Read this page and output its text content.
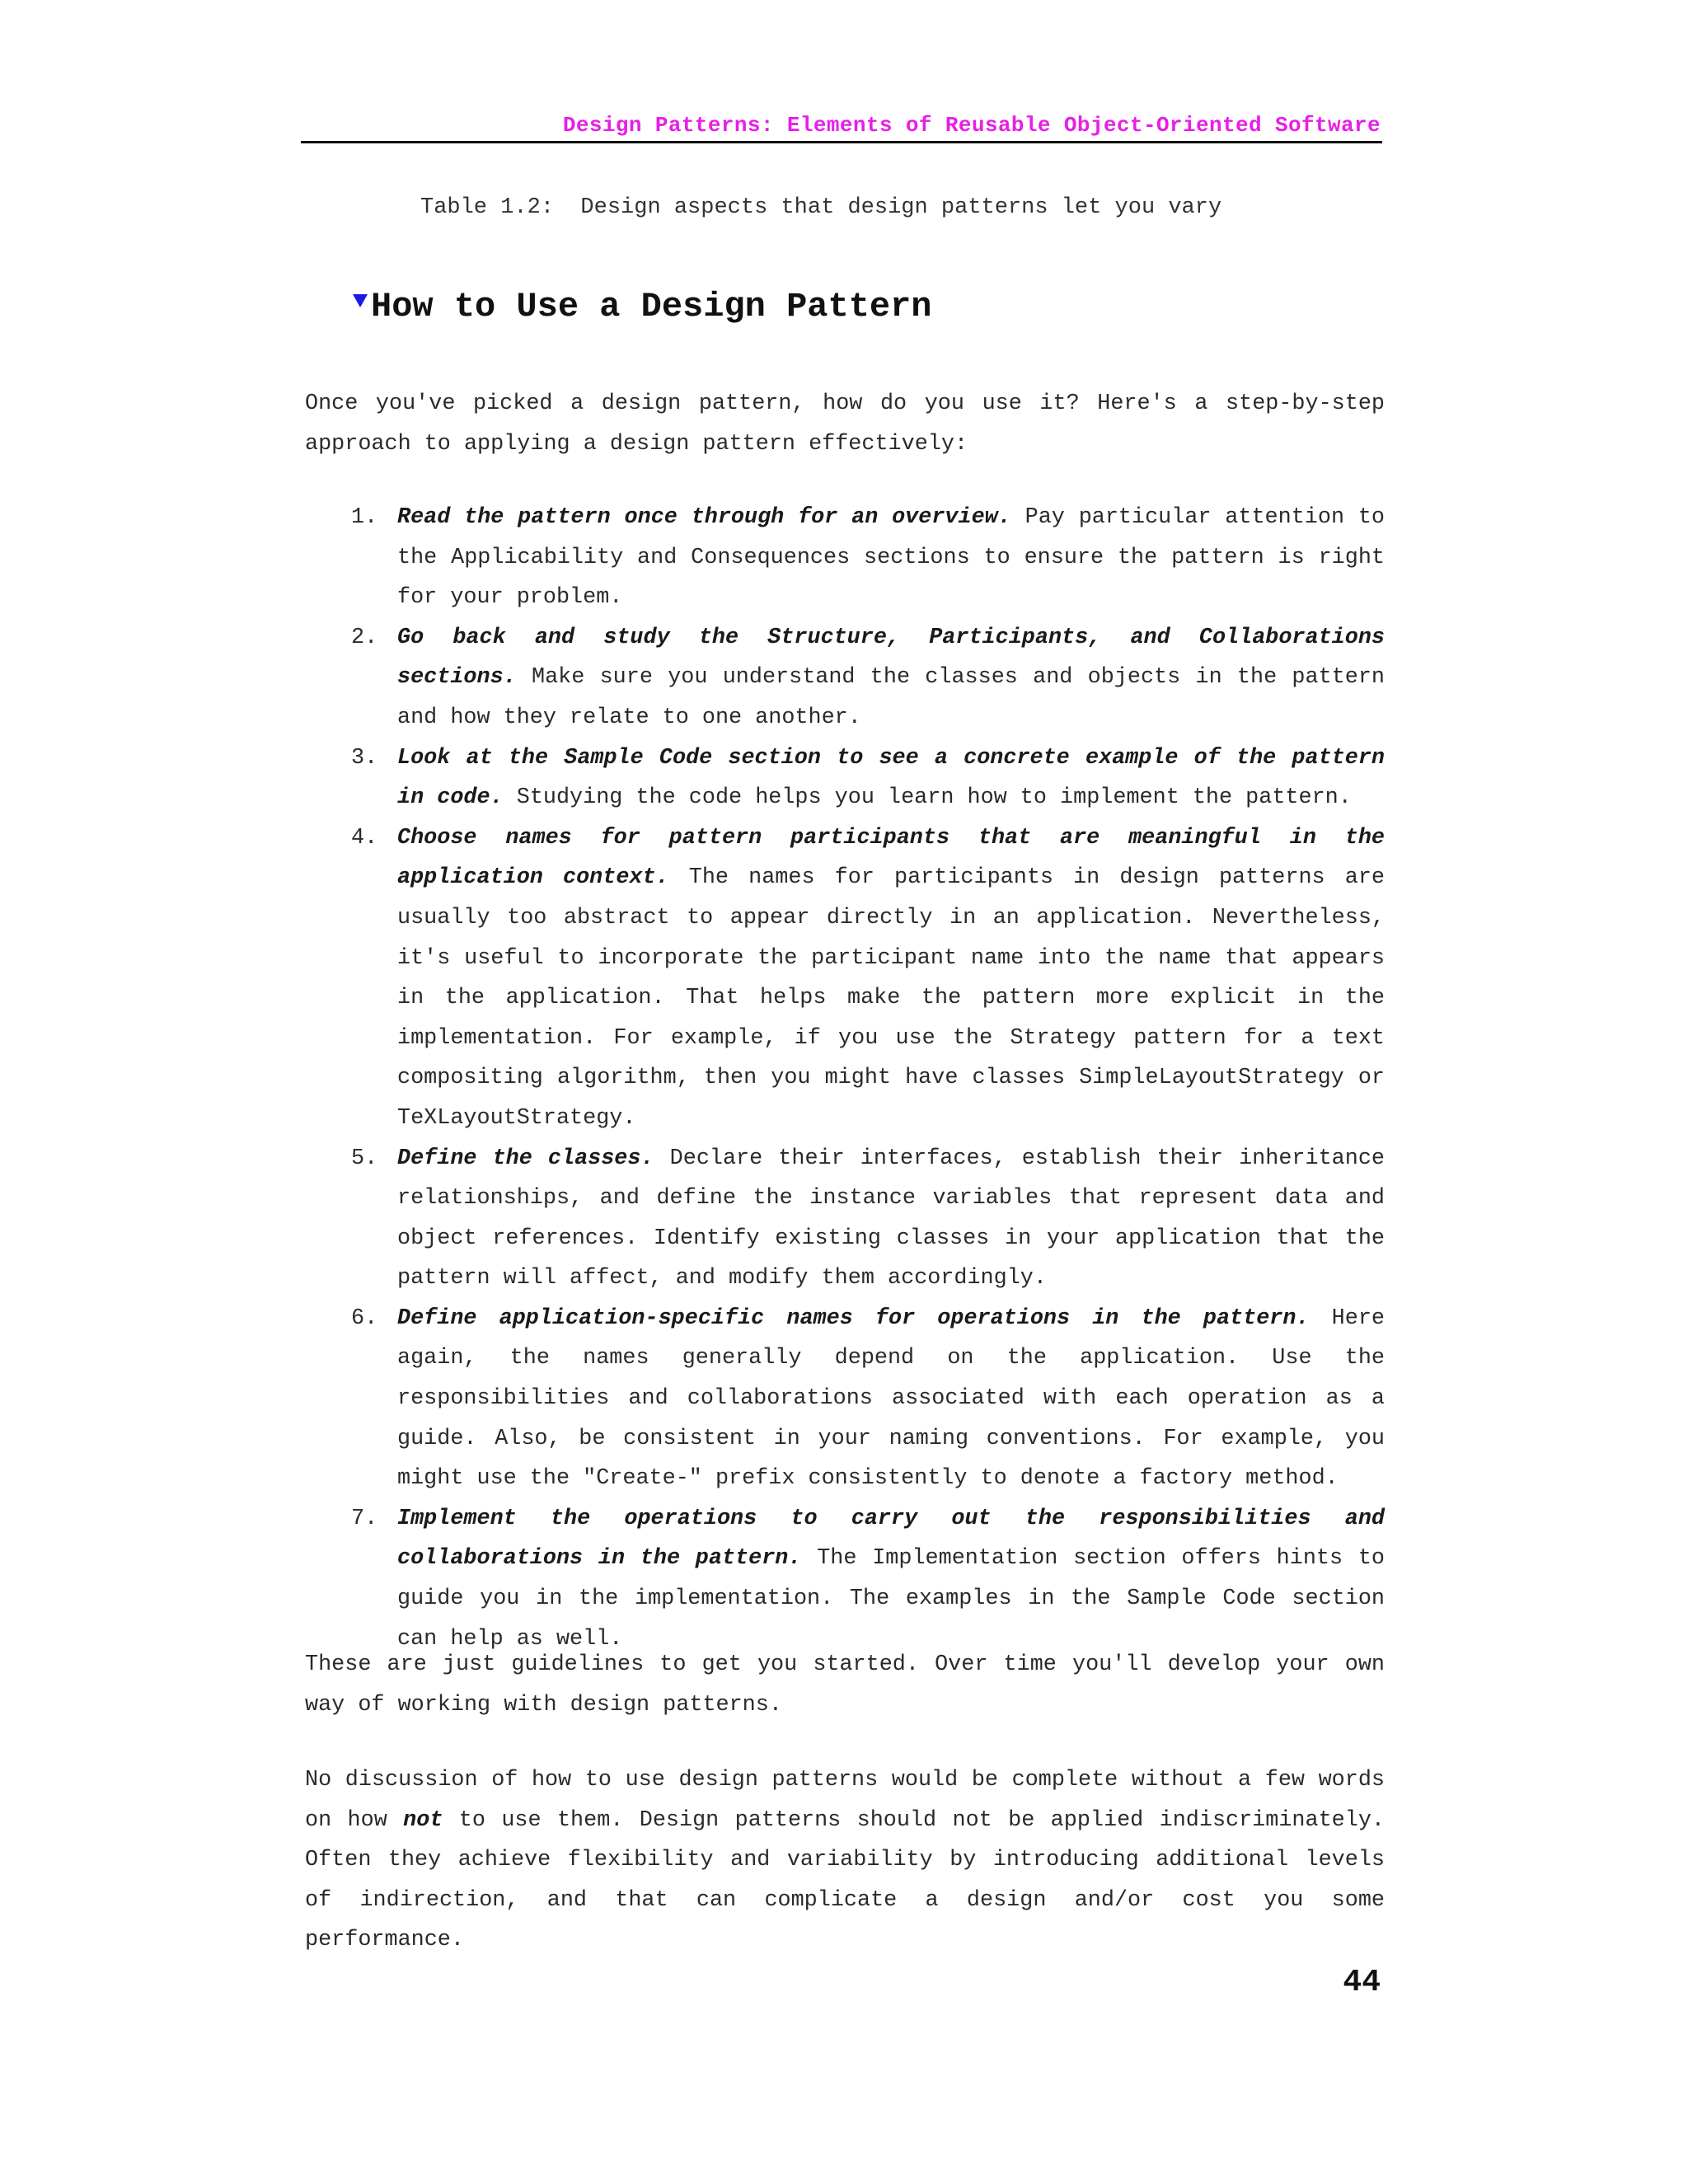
Design Patterns: Elements of Reusable Object-Oriented Software
Table 1.2:  Design aspects that design patterns let you vary
How to Use a Design Pattern

Once you've picked a design pattern, how do you use it? Here's a step-by-step approach to applying a design pattern effectively:

1. Read the pattern once through for an overview. Pay particular attention to the Applicability and Consequences sections to ensure the pattern is right for your problem.
2. Go back and study the Structure, Participants, and Collaborations sections. Make sure you understand the classes and objects in the pattern and how they relate to one another.
3. Look at the Sample Code section to see a concrete example of the pattern in code. Studying the code helps you learn how to implement the pattern.
4. Choose names for pattern participants that are meaningful in the application context. The names for participants in design patterns are usually too abstract to appear directly in an application. Nevertheless, it's useful to incorporate the participant name into the name that appears in the application. That helps make the pattern more explicit in the implementation. For example, if you use the Strategy pattern for a text compositing algorithm, then you might have classes SimpleLayoutStrategy or TeXLayoutStrategy.
5. Define the classes. Declare their interfaces, establish their inheritance relationships, and define the instance variables that represent data and object references. Identify existing classes in your application that the pattern will affect, and modify them accordingly.
6. Define application-specific names for operations in the pattern. Here again, the names generally depend on the application. Use the responsibilities and collaborations associated with each operation as a guide. Also, be consistent in your naming conventions. For example, you might use the "Create-" prefix consistently to denote a factory method.
7. Implement the operations to carry out the responsibilities and collaborations in the pattern. The Implementation section offers hints to guide you in the implementation. The examples in the Sample Code section can help as well.

These are just guidelines to get you started. Over time you'll develop your own way of working with design patterns.

No discussion of how to use design patterns would be complete without a few words on how not to use them. Design patterns should not be applied indiscriminately. Often they achieve flexibility and variability by introducing additional levels of indirection, and that can complicate a design and/or cost you some performance.

44
